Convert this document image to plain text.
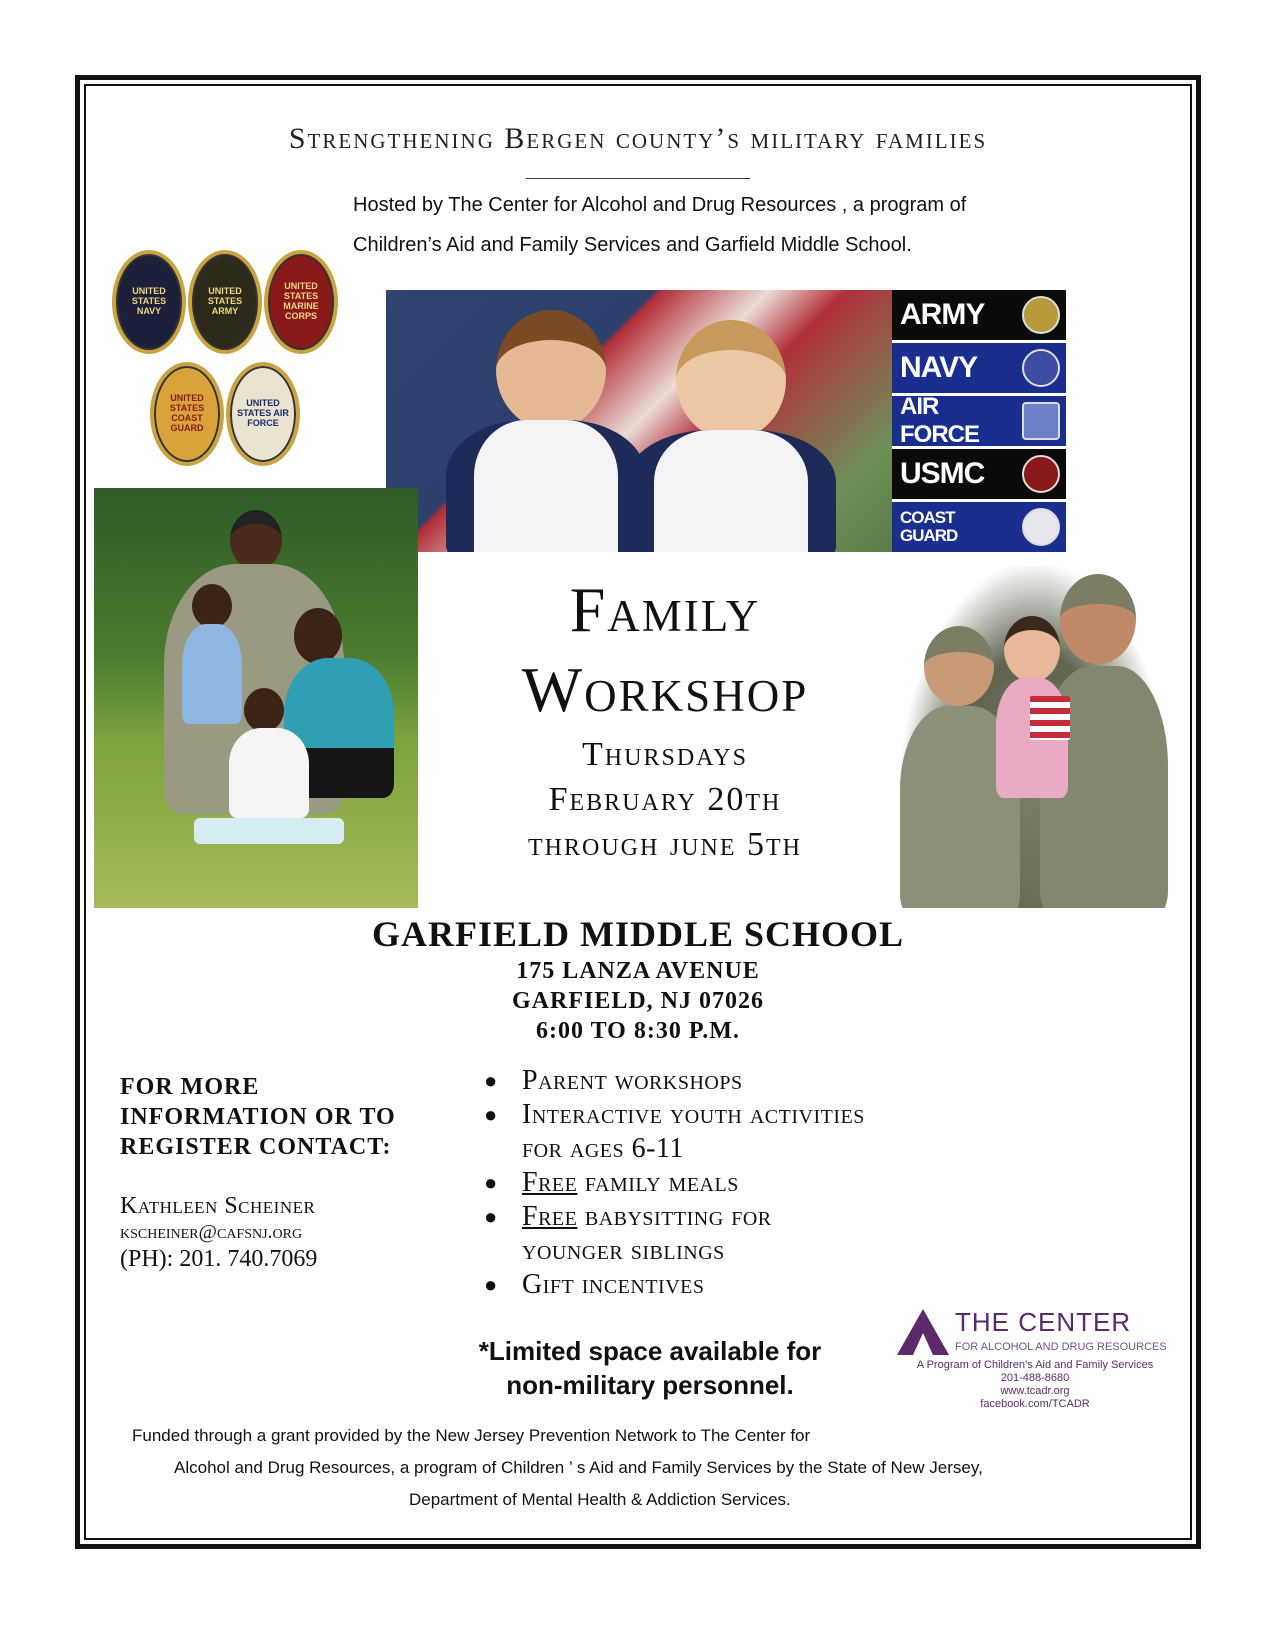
Strengthening Bergen county’s military families
Hosted by The Center for Alcohol and Drug Resources , a program of
Children’s Aid and Family Services and Garfield Middle School.
UNITED STATES NAVY
UNITED STATES ARMY
UNITED STATES MARINE CORPS
UNITED STATES COAST GUARD
UNITED STATES AIR FORCE
ARMY
NAVY
AIR FORCE
USMC
COAST GUARD
Family
Workshop
Thursdays
February 20th
through june 5th
GARFIELD MIDDLE SCHOOL
175 LANZA AVENUE
GARFIELD, NJ 07026
6:00 TO 8:30 P.M.
FOR MORE
INFORMATION OR TO
REGISTER CONTACT:
Kathleen Scheiner
kscheiner@cafsnj.org
(PH): 201. 740.7069
● Parent workshops
● Interactive youth activities
for ages 6-11
● Free family meals
● Free babysitting for
younger siblings
● Gift incentives
*Limited space available for
non-military personnel.
THE CENTER
FOR ALCOHOL AND DRUG RESOURCES
A Program of Children’s Aid and Family Services
201-488-8680
www.tcadr.org
facebook.com/TCADR
Funded through a grant provided by the New Jersey Prevention Network to The Center for
Alcohol and Drug Resources, a program of Children ’ s Aid and Family Services by the State of New Jersey,
Department of Mental Health & Addiction Services.
